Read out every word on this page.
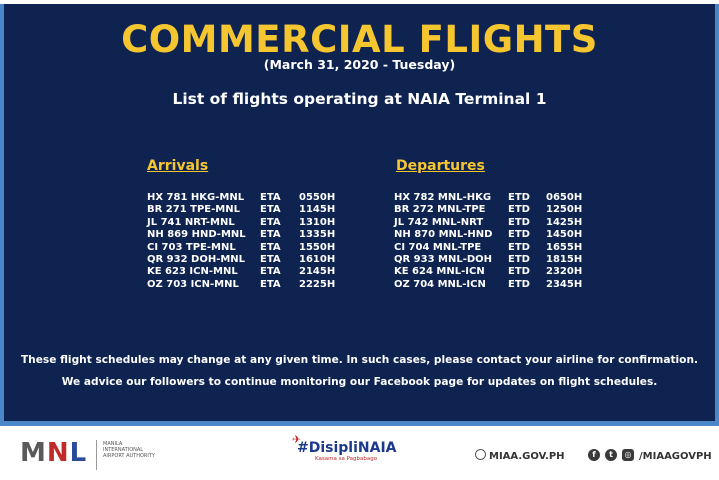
COMMERCIAL FLIGHTS
(March 31, 2020 - Tuesday)
List of flights operating at NAIA Terminal 1
Arrivals	Departures
HX 781 HKG-MNL ETA 0550H
BR 271 TPE-MNL ETA 1145H
JL 741 NRT-MNL	ETA 1310H
NH 869 HND-MNL ETA 1335H
CI 703 TPE-MNL ETA 1550H
QR 932 DOH-MNL ETA 1610H
KE 623 ICN-MNL ETA 2145H
OZ 703 ICN-MNL ETA 2225H
HX 782 MNL-HKG ETD 0650H
BR 272 MNL-TPE ETD 1250H
JL 742 MNL-NRT ETD 1425H
NH 870 MNL-HND ETD 1450H
CI 704 MNL-TPE	ETD 1655H
QR 933 MNL-DOH ETD 1815H
KE 624 MNL-ICN ETD 2320H
OZ 704 MNL-ICN ETD 2345H
These flight schedules may change at any given time. In such cases, please contact your airline for confirmation.
We advice our followers to continue monitoring our Facebook page for updates on flight schedules.
MNL	MANILA INTERNATIONAL AIRPORT AUTHORITY
✈
#DisipliNAIA
Kasama sa Pagbabago	MIAA.GOV.PH	f	t	◎ /MIAAGOVPH
